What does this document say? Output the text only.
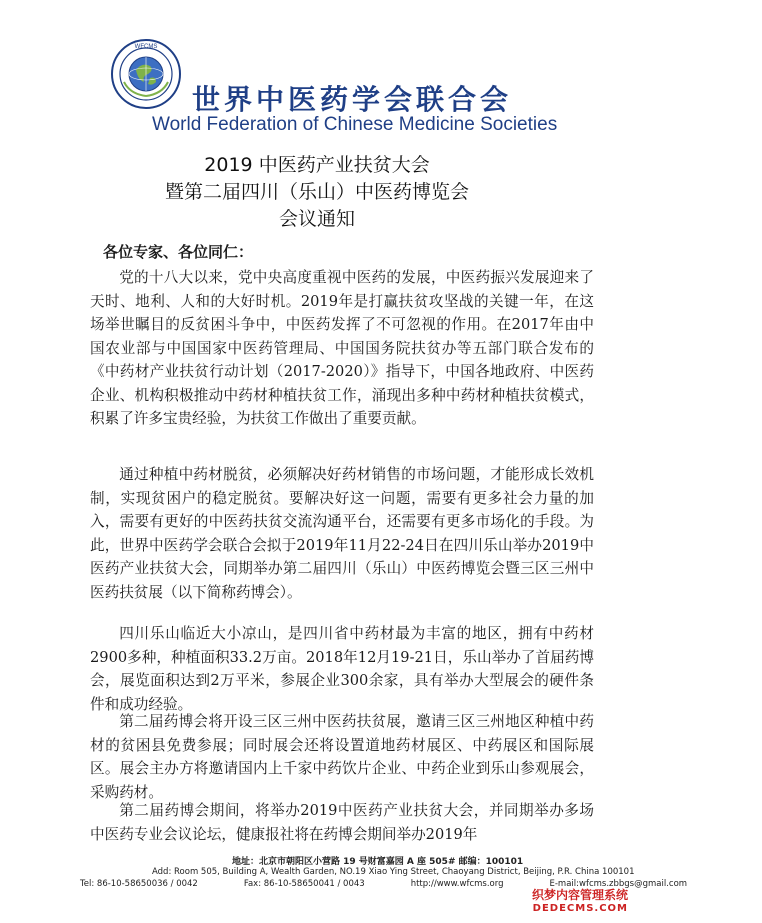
WFCMS
世界中医药学会联合会
World Federation of Chinese Medicine Societies
2019 中医药产业扶贫大会
暨第二届四川（乐山）中医药博览会
会议通知
各位专家、各位同仁：

党的十八大以来，党中央高度重视中医药的发展，中医药振兴发展迎来了天时、地利、人和的大好时机。2019年是打赢扶贫攻坚战的关键一年，在这场举世瞩目的反贫困斗争中，中医药发挥了不可忽视的作用。在2017年由中国农业部与中国国家中医药管理局、中国国务院扶贫办等五部门联合发布的《中药材产业扶贫行动计划（2017-2020）》指导下，中国各地政府、中医药企业、机构积极推动中药材种植扶贫工作，涌现出多种中药材种植扶贫模式，积累了许多宝贵经验，为扶贫工作做出了重要贡献。

通过种植中药材脱贫，必须解决好药材销售的市场问题，才能形成长效机制，实现贫困户的稳定脱贫。要解决好这一问题，需要有更多社会力量的加入，需要有更好的中医药扶贫交流沟通平台，还需要有更多市场化的手段。为此，世界中医药学会联合会拟于2019年11月22-24日在四川乐山举办2019中医药产业扶贫大会，同期举办第二届四川（乐山）中医药博览会暨三区三州中医药扶贫展（以下简称药博会）。

四川乐山临近大小凉山，是四川省中药材最为丰富的地区，拥有中药材2900多种，种植面积33.2万亩。2018年12月19-21日，乐山举办了首届药博会，展览面积达到2万平米，参展企业300余家，具有举办大型展会的硬件条件和成功经验。

第二届药博会将开设三区三州中医药扶贫展，邀请三区三州地区种植中药材的贫困县免费参展；同时展会还将设置道地药材展区、中药展区和国际展区。展会主办方将邀请国内上千家中药饮片企业、中药企业到乐山参观展会，采购药材。

第二届药博会期间，将举办2019中医药产业扶贫大会，并同期举办多场中医药专业会议论坛，健康报社将在药博会期间举办2019年

地址：北京市朝阳区小营路 19 号财富嘉园 A 座 505# 邮编：100101
Add: Room 505, Building A, Wealth Garden, NO.19 Xiao Ying Street, Chaoyang District, Beijing, P.R. China 100101
Tel: 86-10-58650036 / 0042	Fax: 86-10-58650041 / 0043	http://www.wfcms.org	E-mail:wfcms.zbbgs@gmail.com
织梦内容管理系统
DEDECMS.COM
